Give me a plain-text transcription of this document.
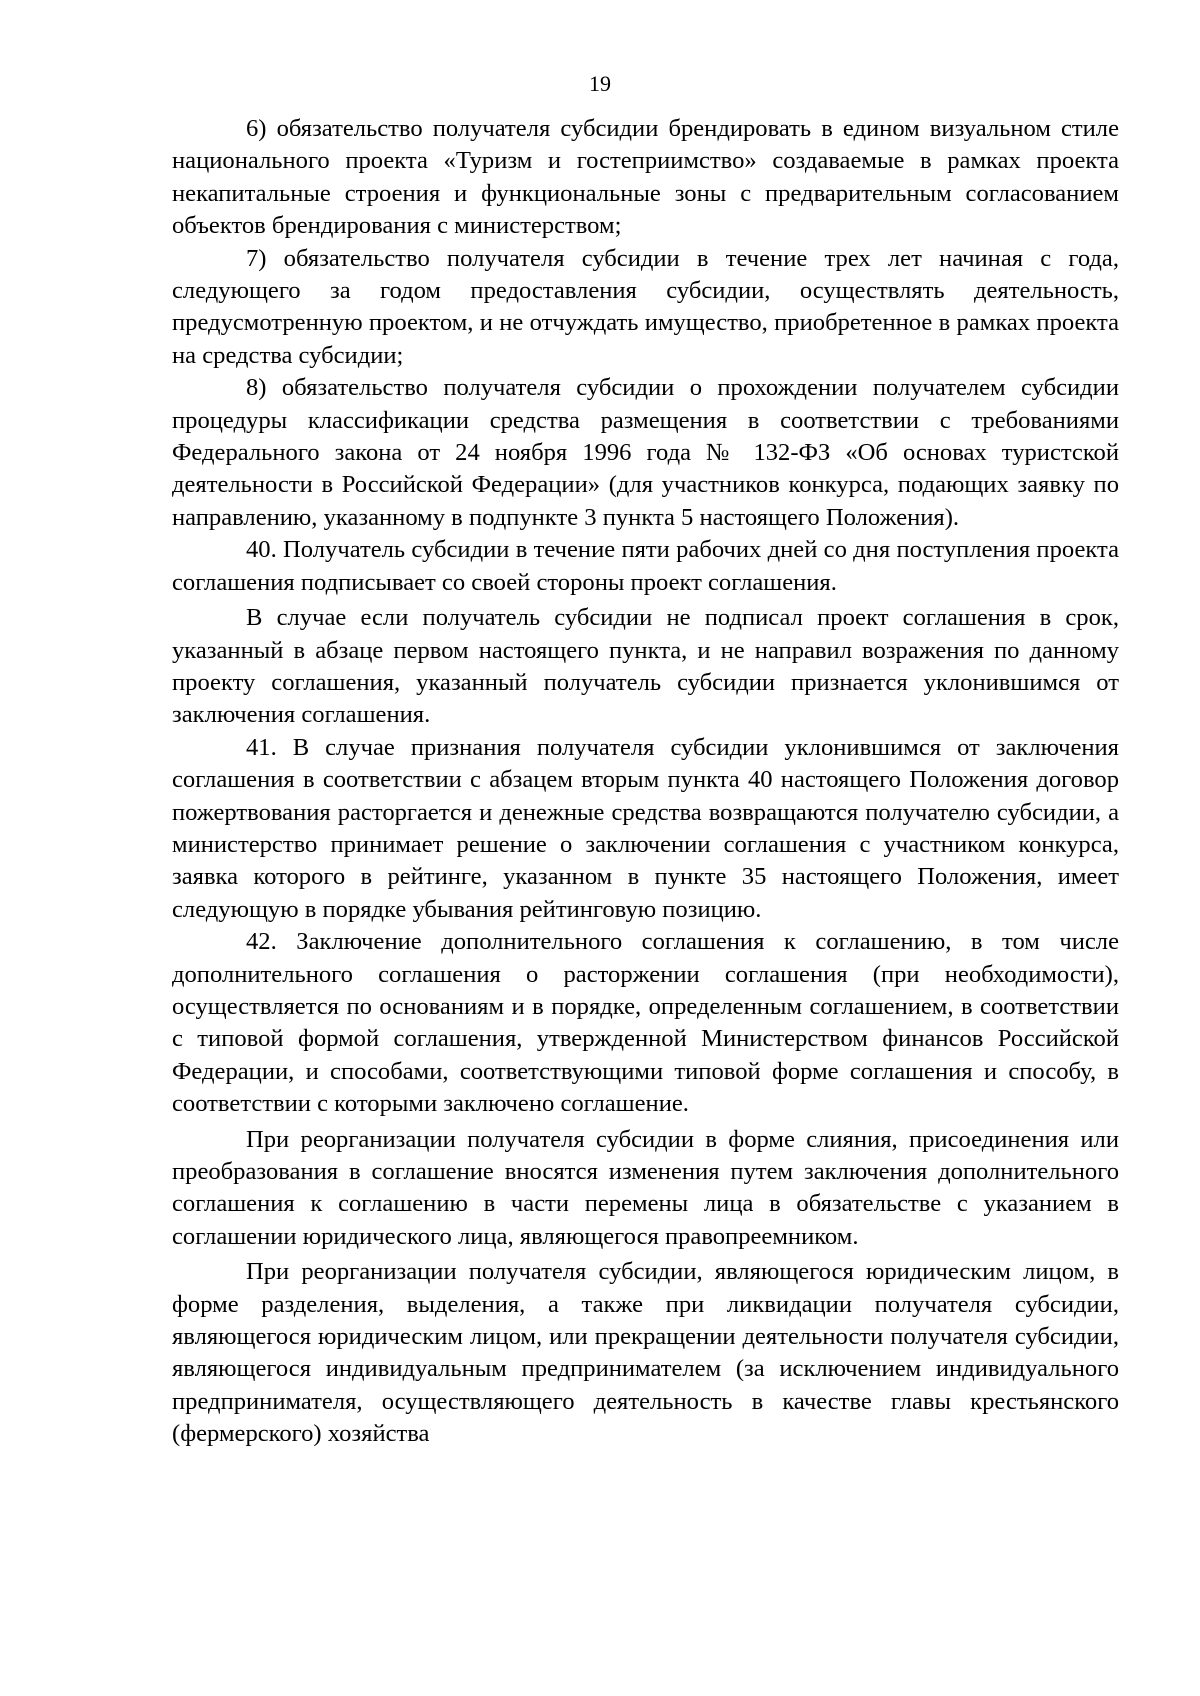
19

6) обязательство получателя субсидии брендировать в едином визуальном стиле национального проекта «Туризм и гостеприимство» создаваемые в рамках проекта некапитальные строения и функциональные зоны с предварительным согласованием объектов брендирования с министерством;

7) обязательство получателя субсидии в течение трех лет начиная с года, следующего за годом предоставления субсидии, осуществлять деятельность, предусмотренную проектом, и не отчуждать имущество, приобретенное в рамках проекта на средства субсидии;

8) обязательство получателя субсидии о прохождении получателем субсидии процедуры классификации средства размещения в соответствии с требованиями Федерального закона от 24 ноября 1996 года № 132-ФЗ «Об основах туристской деятельности в Российской Федерации» (для участников конкурса, подающих заявку по направлению, указанному в подпункте 3 пункта 5 настоящего Положения).

40. Получатель субсидии в течение пяти рабочих дней со дня поступления проекта соглашения подписывает со своей стороны проект соглашения.

В случае если получатель субсидии не подписал проект соглашения в срок, указанный в абзаце первом настоящего пункта, и не направил возражения по данному проекту соглашения, указанный получатель субсидии признается уклонившимся от заключения соглашения.

41. В случае признания получателя субсидии уклонившимся от заключения соглашения в соответствии с абзацем вторым пункта 40 настоящего Положения договор пожертвования расторгается и денежные средства возвращаются получателю субсидии, а министерство принимает решение о заключении соглашения с участником конкурса, заявка которого в рейтинге, указанном в пункте 35 настоящего Положения, имеет следующую в порядке убывания рейтинговую позицию.

42. Заключение дополнительного соглашения к соглашению, в том числе дополнительного соглашения о расторжении соглашения (при необходимости), осуществляется по основаниям и в порядке, определенным соглашением, в соответствии с типовой формой соглашения, утвержденной Министерством финансов Российской Федерации, и способами, соответствующими типовой форме соглашения и способу, в соответствии с которыми заключено соглашение.

При реорганизации получателя субсидии в форме слияния, присоединения или преобразования в соглашение вносятся изменения путем заключения дополнительного соглашения к соглашению в части перемены лица в обязательстве с указанием в соглашении юридического лица, являющегося правопреемником.

При реорганизации получателя субсидии, являющегося юридическим лицом, в форме разделения, выделения, а также при ликвидации получателя субсидии, являющегося юридическим лицом, или прекращении деятельности получателя субсидии, являющегося индивидуальным предпринимателем (за исключением индивидуального предпринимателя, осуществляющего деятельность в качестве главы крестьянского (фермерского) хозяйства
